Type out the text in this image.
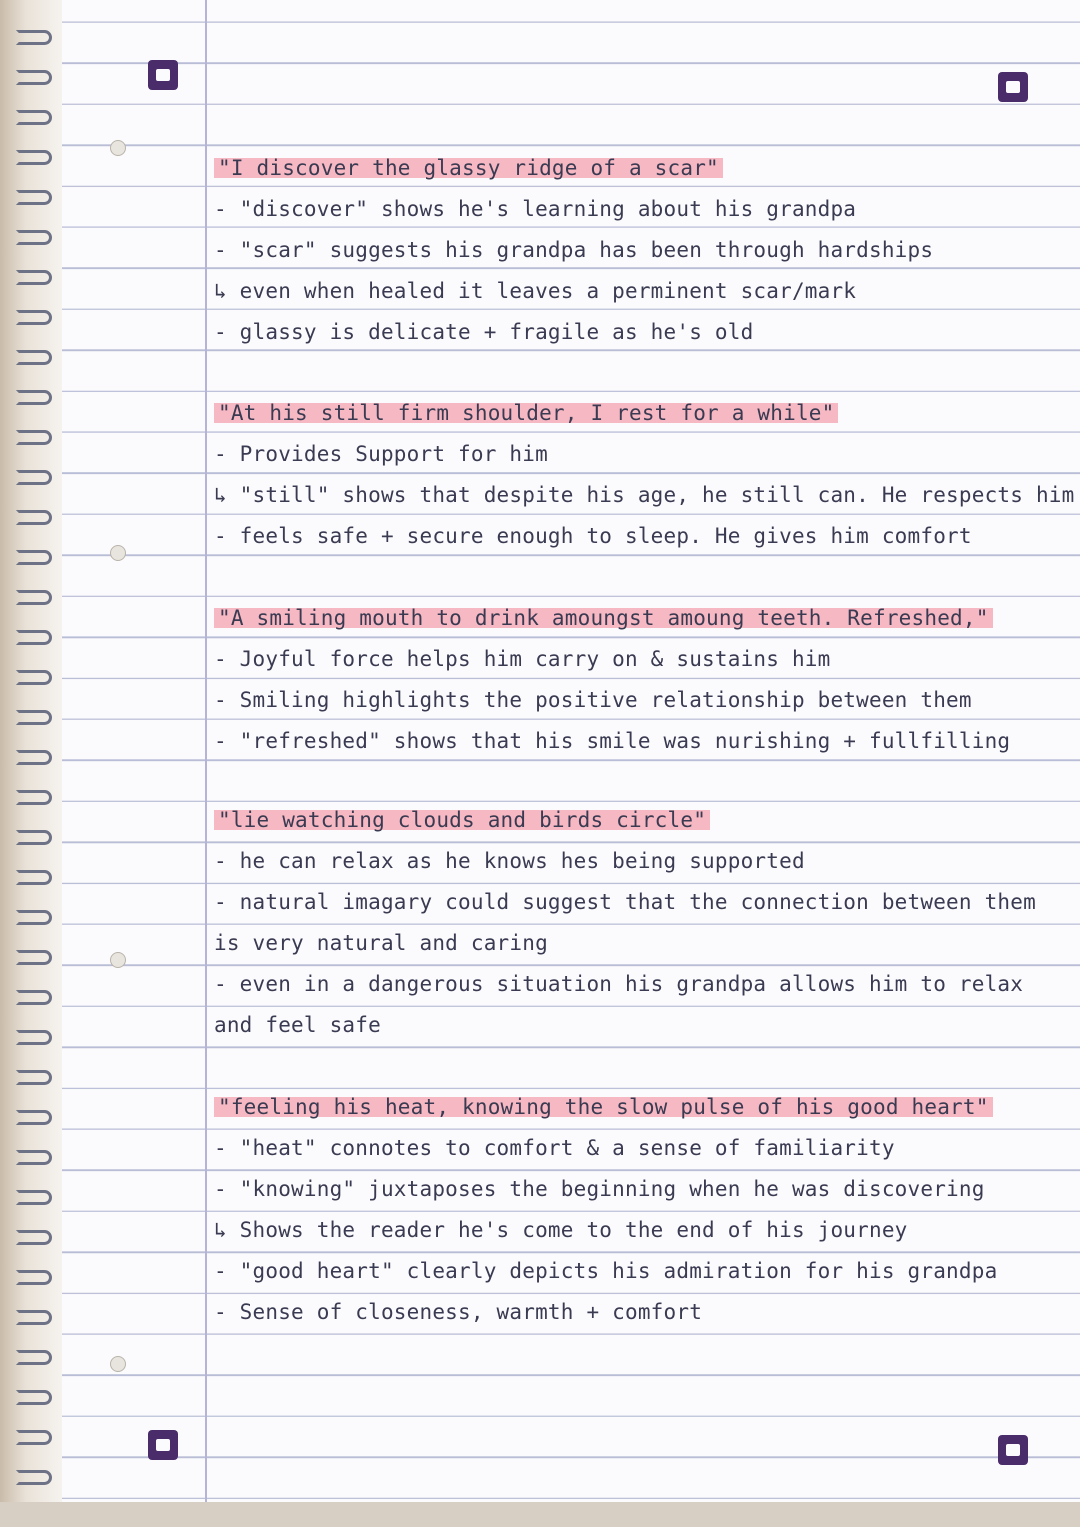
"I discover the glassy ridge of a scar"
- "discover" shows he's learning about his grandpa
- "scar" suggests his grandpa has been through hardships
↳ even when healed it leaves a perminent scar/mark
- glassy is delicate + fragile as he's old
"At his still firm shoulder, I rest for a while"
- Provides Support for him
↳ "still" shows that despite his age, he still can. He respects him
- feels safe + secure enough to sleep. He gives him comfort
"A smiling mouth to drink amoungst amoung teeth. Refreshed,"
- Joyful force helps him carry on & sustains him
- Smiling highlights the positive relationship between them
- "refreshed" shows that his smile was nurishing + fullfilling
"lie watching clouds and birds circle"
- he can relax as he knows hes being supported
- natural imagary could suggest that the connection between them
is very natural and caring
- even in a dangerous situation his grandpa allows him to relax
and feel safe
"feeling his heat, knowing the slow pulse of his good heart"
- "heat" connotes to comfort & a sense of familiarity
- "knowing" juxtaposes the beginning when he was discovering
↳ Shows the reader he's come to the end of his journey
- "good heart" clearly depicts his admiration for his grandpa
- Sense of closeness, warmth + comfort
